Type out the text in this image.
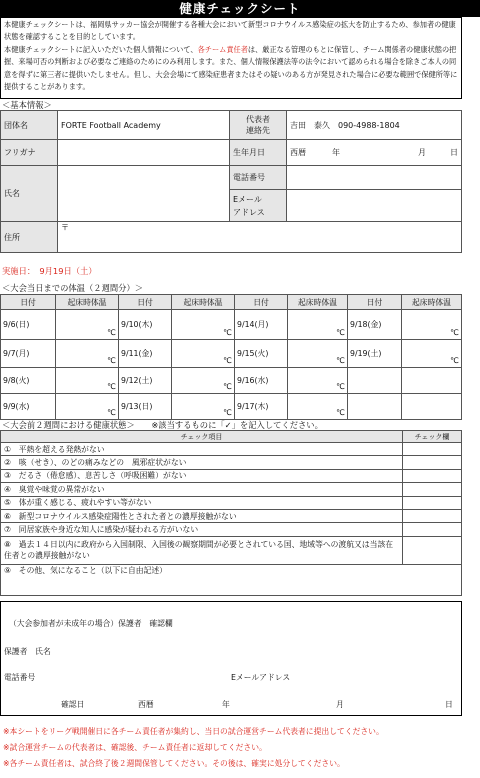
健康チェックシート
本健康チェックシートは、福岡県サッカー協会が開催する各種大会において新型コロナウイルス感染症の拡大を防止するため、参加者の健康状態を確認することを目的としています。
本健康チェックシートに記入いただいた個人情報について、各チーム責任者は、厳正なる管理のもとに保管し、チーム関係者の健康状態の把握、来場可否の判断および必要なご連絡のためにのみ利用します。また、個人情報保護法等の法令において認められる場合を除きご本人の同意を得ずに第三者に提供いたしません。但し、大会会場にて感染症患者またはその疑いのある方が発見された場合に必要な範囲で保健所等に提供することがあります。
＜基本情報＞
団体名	FORTE Football Academy	代表者
連絡先	吉田　泰久　090-4988-1804
フリガナ		生年月日	西暦 年 月 日

氏名		電話番号	
		Eメール
アドレス	
住所	〒		
実施日：　9月19日（土）
＜大会当日までの体温（２週間分）＞
日付	起床時体温	日付	起床時体温	日付	起床時体温	日付	起床時体温
9/6(日)	℃	9/10(木)	℃	9/14(月)	℃	9/18(金)	℃
9/7(月)	℃	9/11(金)	℃	9/15(火)	℃	9/19(土)	℃
9/8(火)	℃	9/12(土)	℃	9/16(水)	℃		
9/9(水)	℃	9/13(日)	℃	9/17(木)	℃		
＜大会前２週間における健康状態＞　　※該当するものに「✓」を記入してください。
チェック項目	チェック欄
①　平熱を超える発熱がない	
②　咳（せき）、のどの痛みなどの　風邪症状がない	
③　だるさ（倦怠感）、息苦しさ（呼吸困難）がない	
④　臭覚や味覚の異常がない	
⑤　体が重く感じる、疲れやすい等がない	
⑥　新型コロナウイルス感染症陽性とされた者との濃厚接触がない	
⑦　同居家族や身近な知人に感染が疑われる方がいない	
⑧　過去１４日以内に政府から入国制限、入国後の観察期間が必要とされている国、地域等への渡航又は当該在住者との濃厚接触がない	
⑨　その他、気になること（以下に自由記述）	
（大会参加者が未成年の場合）保護者　確認欄
保護者　氏名
電話番号	Eメールアドレス
確認日	西暦	年	月	日
※本シートをリーグ戦開催日に各チーム責任者が集約し、当日の試合運営チーム代表者に提出してください。
※試合運営チームの代表者は、確認後、チーム責任者に返却してください。
※各チーム責任者は、試合終了後２週間保管してください。その後は、確実に処分してください。
